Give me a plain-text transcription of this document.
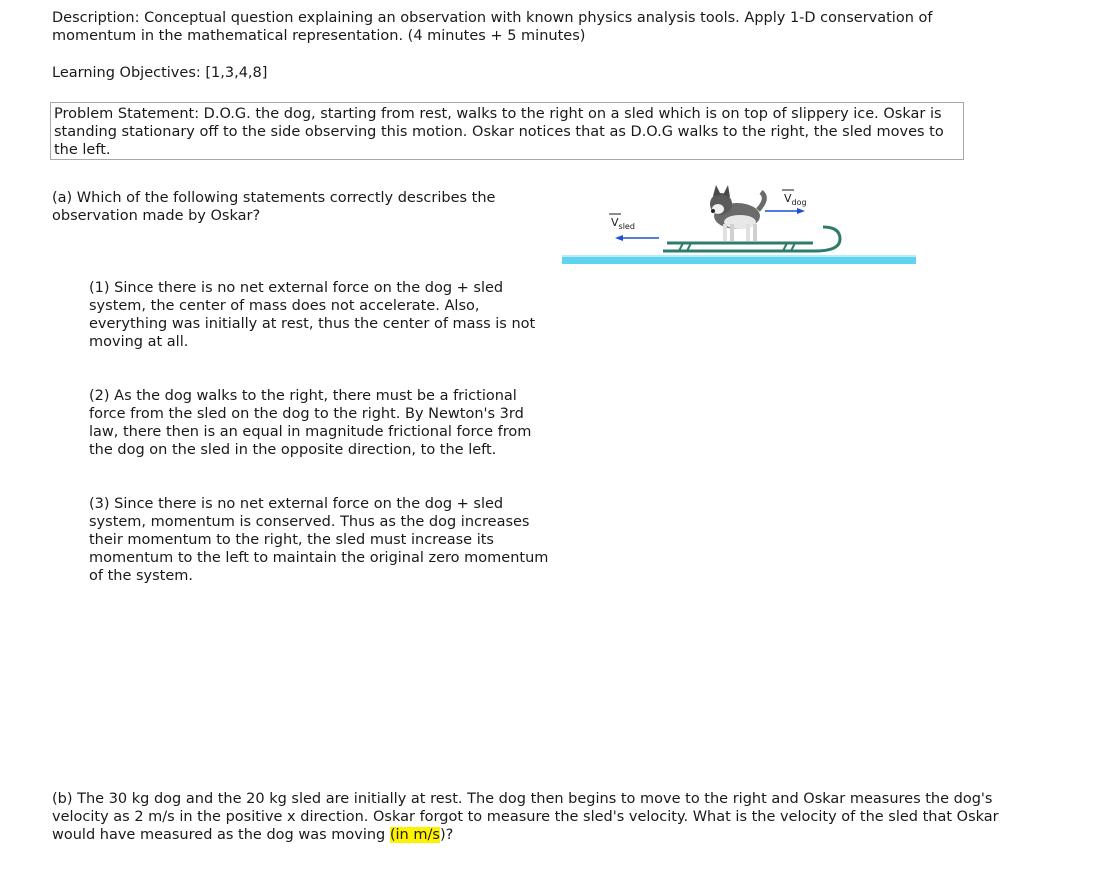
Description: Conceptual question explaining an observation with known physics analysis tools. Apply 1-D conservation of momentum in the mathematical representation. (4 minutes + 5 minutes)

Learning Objectives: [1,3,4,8]

Problem Statement: D.O.G. the dog, starting from rest, walks to the right on a sled which is on top of slippery ice. Oskar is standing stationary off to the side observing this motion. Oskar notices that as D.O.G walks to the right, the sled moves to the left.

(a) Which of the following statements correctly describes the observation made by Oskar?

(1) Since there is no net external force on the dog + sled system, the center of mass does not accelerate. Also, everything was initially at rest, thus the center of mass is not moving at all.

(2) As the dog walks to the right, there must be a frictional force from the sled on the dog to the right. By Newton's 3rd law, there then is an equal in magnitude frictional force from the dog on the sled in the opposite direction, to the left.

(3) Since there is no net external force on the dog + sled system, momentum is conserved. Thus as the dog increases their momentum to the right, the sled must increase its momentum to the left to maintain the original zero momentum of the system.

$V_{dog}$
$V_{sled}$

(b) The 30 kg dog and the 20 kg sled are initially at rest. The dog then begins to move to the right and Oskar measures the dog's velocity as 2 m/s in the positive x direction. Oskar forgot to measure the sled's velocity. What is the velocity of the sled that Oskar would have measured as the dog was moving (in m/s)?
